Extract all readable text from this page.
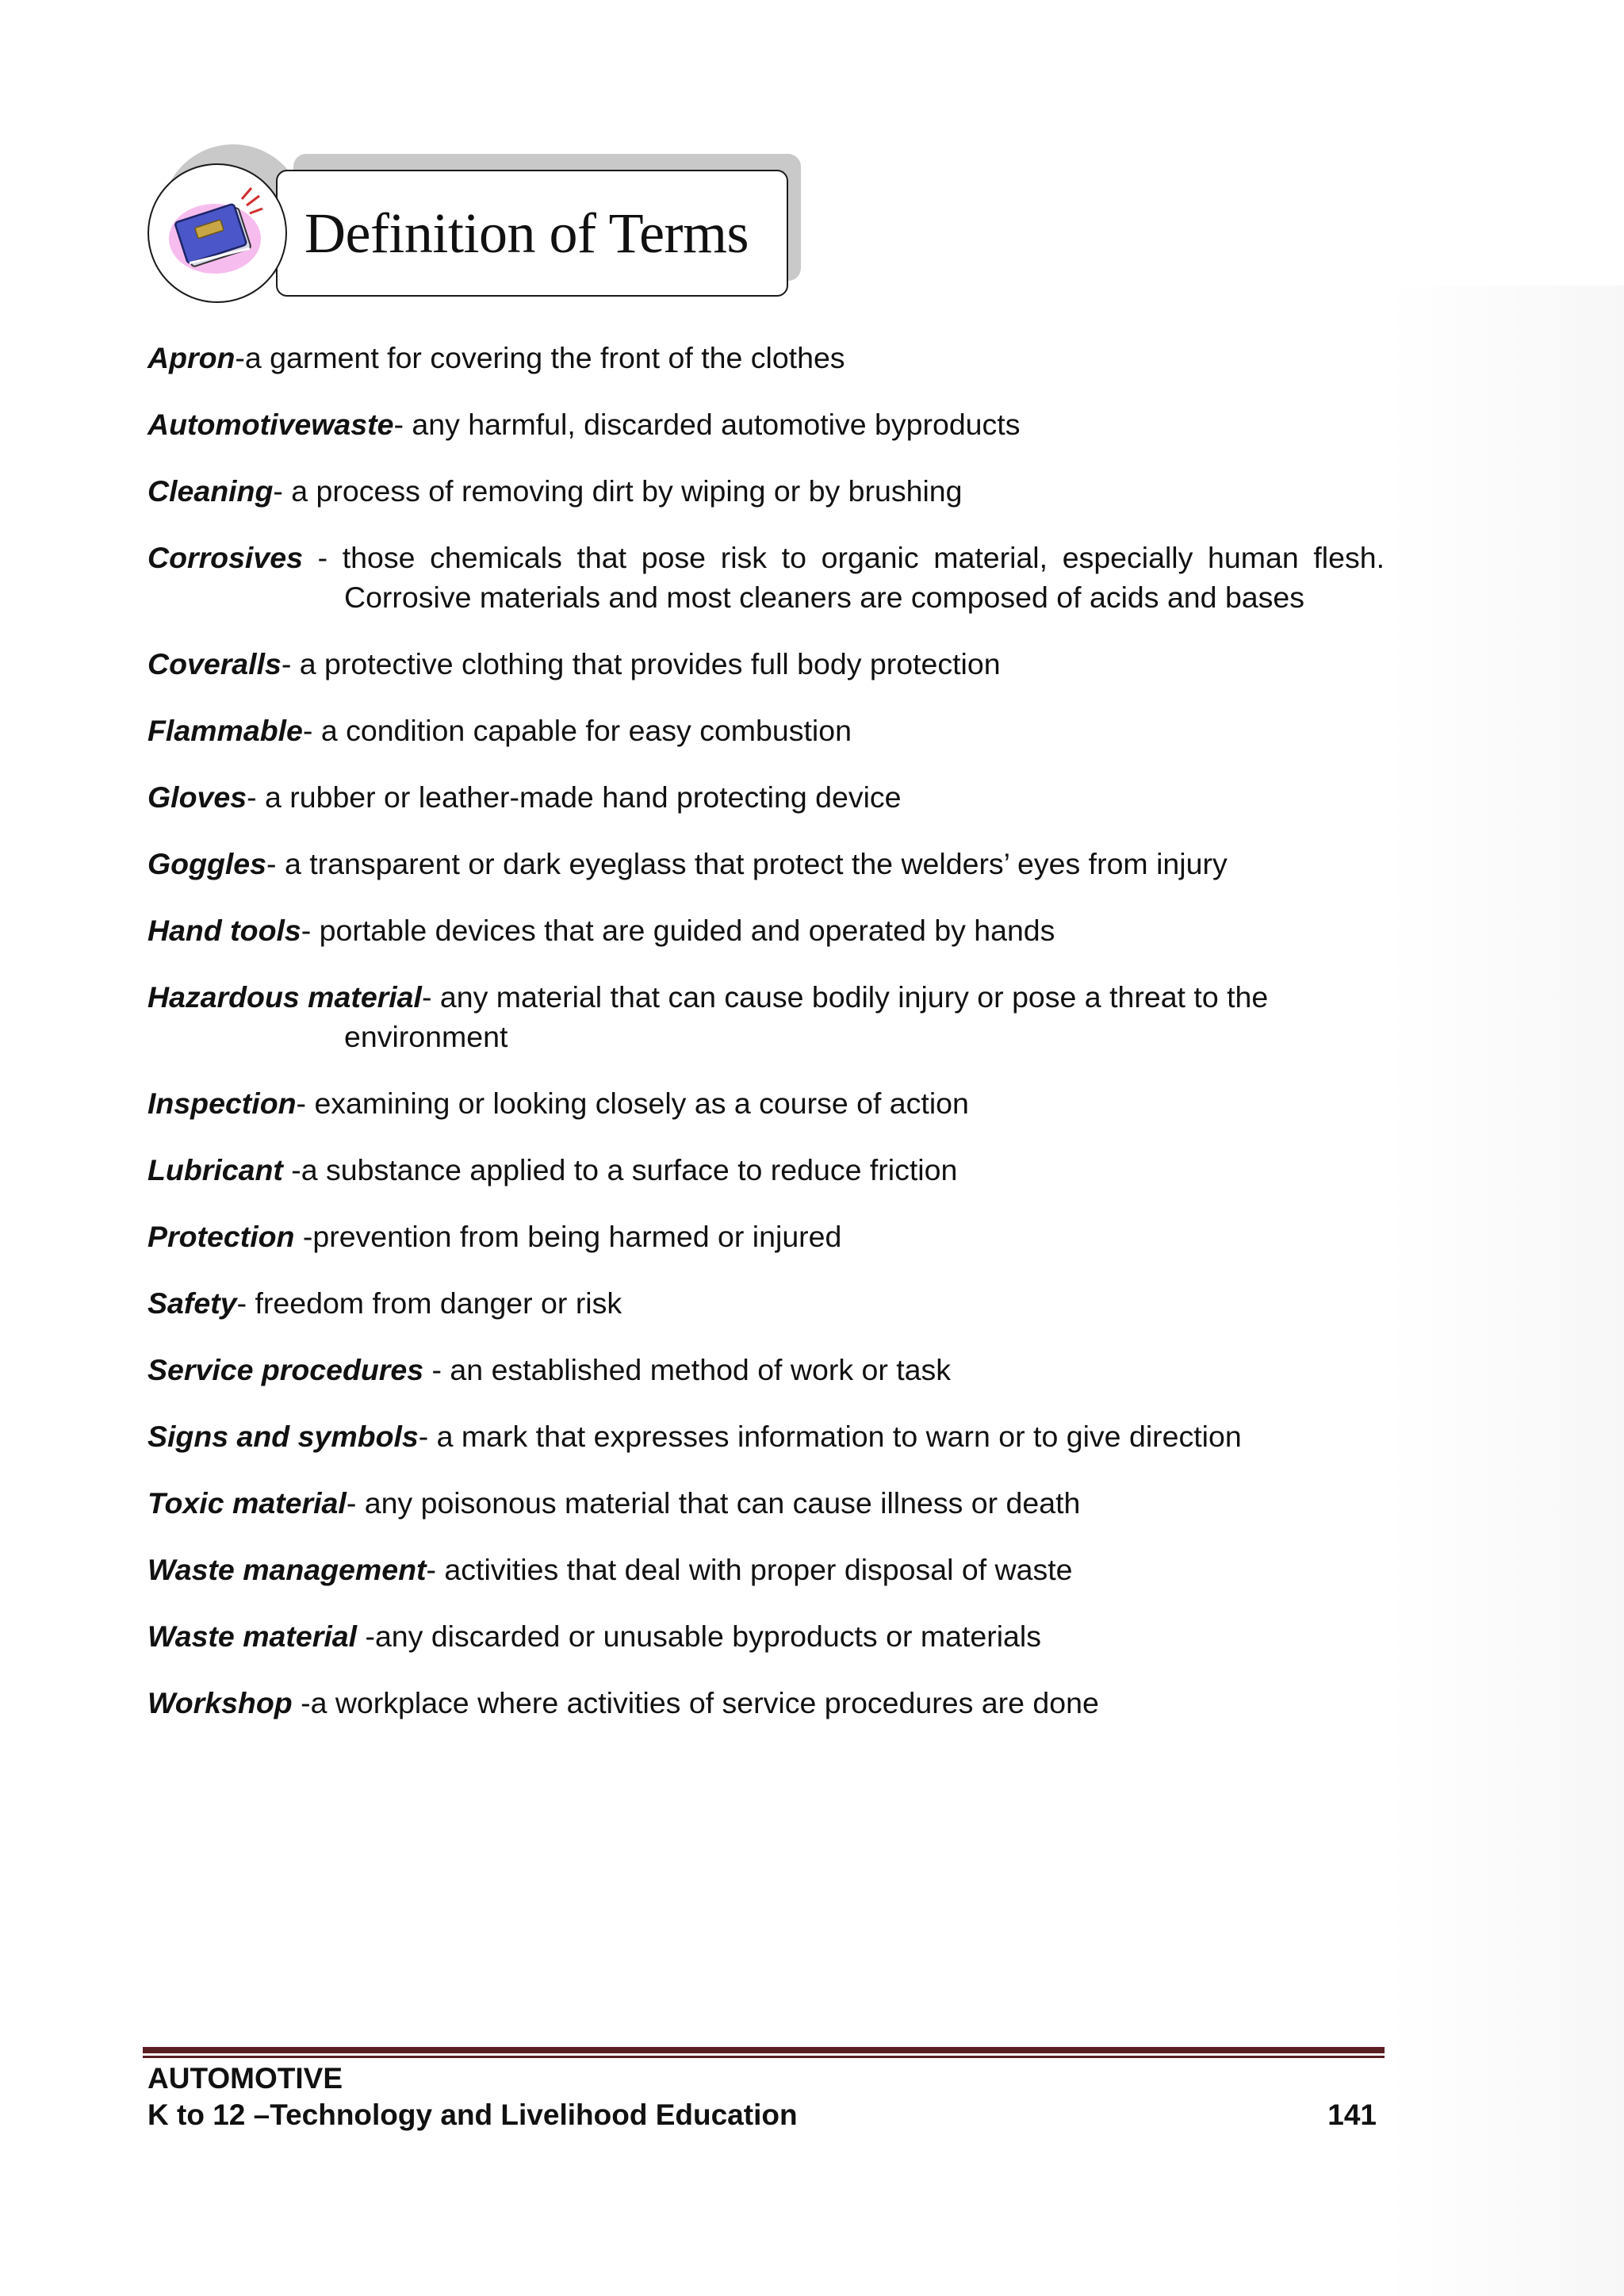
Definition of Terms

Apron-a garment for covering the front of the clothes

Automotivewaste- any harmful, discarded automotive byproducts

Cleaning- a process of removing dirt by wiping or by brushing

Corrosives - those chemicals that pose risk to organic material, especially human flesh.
Corrosive materials and most cleaners are composed of acids and bases

Coveralls- a protective clothing that provides full body protection

Flammable- a condition capable for easy combustion

Gloves- a rubber or leather-made hand protecting device

Goggles- a transparent or dark eyeglass that protect the welders’ eyes from injury

Hand tools- portable devices that are guided and operated by hands

Hazardous material- any material that can cause bodily injury or pose a threat to the
environment

Inspection- examining or looking closely as a course of action

Lubricant -a substance applied to a surface to reduce friction

Protection -prevention from being harmed or injured

Safety- freedom from danger or risk

Service procedures - an established method of work or task

Signs and symbols- a mark that expresses information to warn or to give direction

Toxic material- any poisonous material that can cause illness or death

Waste management- activities that deal with proper disposal of waste

Waste material -any discarded or unusable byproducts or materials

Workshop -a workplace where activities of service procedures are done

AUTOMOTIVE
K to 12 –Technology and Livelihood Education	141
